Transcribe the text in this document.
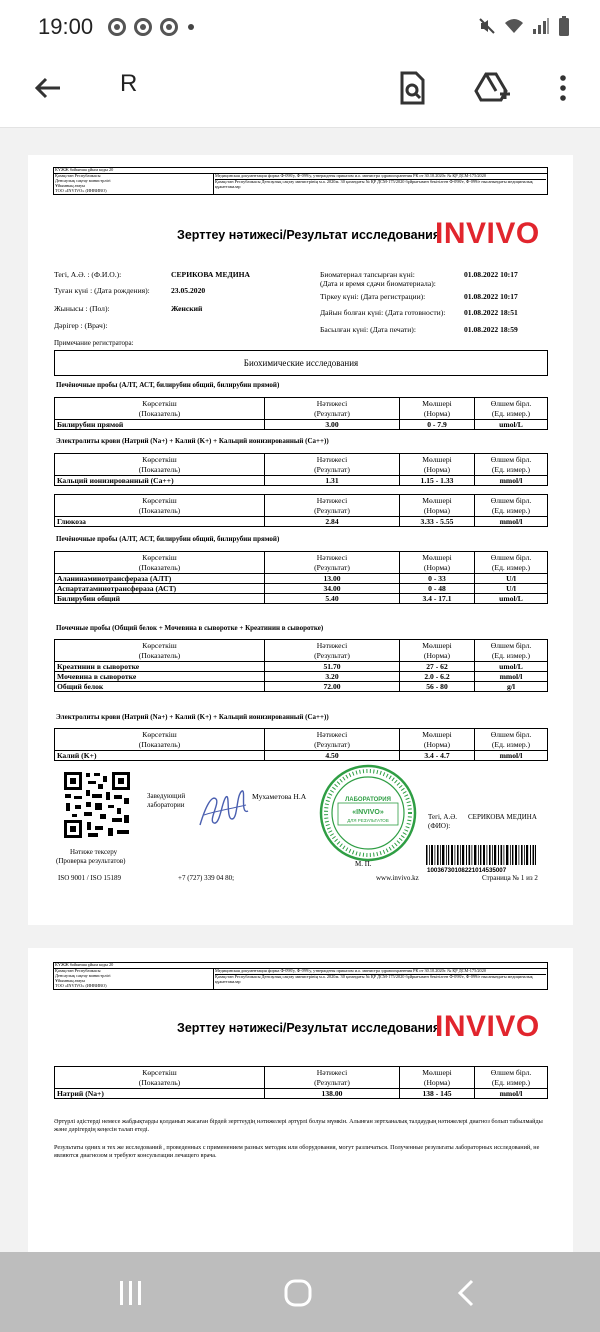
19:00
R
КҮЖЖ бойынша ұйым коды 20

Қазақстан Республикасы
Денсаулық сақтау министрлігі
Ұйымның атауы
ТОО «INVIVO» (ИНВИВО)

Медицинская документация форма Ф-098/у, Ф-099/у, утверждены приказом и.о. министра здравоохранения РК от 30.10.2020г. № ҚР ДСМ-175/2020
Қазақстан Республикасы Денсаулық сақтау министрінің м.а. 2020ж. 30 қазандағы № ҚР ДСМ-175/2020 бұйрығымен бекітілген Ф-098/е, Ф-099/е нысанындағы медициналық құжаттамалар
Зерттеу нәтижесі/Результат исследования
INVIVO
Тегі, А.Ә. : (Ф.И.О.):	СЕРИКОВА МЕДИНА
Туған күні : (Дата рождения):	23.05.2020
Жынысы : (Пол):	Женский
Дәрігер : (Врач):
Примечание регистратора:
Биоматериал тапсырған күні:
(Дата и время сдачи биоматериала):
01.08.2022 10:17
Тіркеу күні: (Дата регистрации):	01.08.2022 10:17
Дайын болған күні: (Дата готовности): 01.08.2022 18:51
Басылған күні: (Дата печати):	01.08.2022 18:59
Биохимические исследования
Печёночные пробы (АЛТ, АСТ, билирубин общий, билирубин прямой)
Көрсеткіш
(Показатель)	Нәтижесі
(Результат)	Мөлшері
(Норма)	Өлшем бірл.
(Ед. измер.)
Билирубин прямой	3.00	0 - 7.9	umol/L
Электролиты крови (Натрий (Na+) + Калий (K+) + Кальций ионизированный (Са++))
Көрсеткіш
(Показатель)	Нәтижесі
(Результат)	Мөлшері
(Норма)	Өлшем бірл.
(Ед. измер.)
Кальций ионизированный (Са++)	1.31	1.15 - 1.33	mmol/l
Көрсеткіш
(Показатель)	Нәтижесі
(Результат)	Мөлшері
(Норма)	Өлшем бірл.
(Ед. измер.)
Глюкоза	2.84	3.33 - 5.55	mmol/l
Печёночные пробы (АЛТ, АСТ, билирубин общий, билирубин прямой)
Көрсеткіш
(Показатель)	Нәтижесі
(Результат)	Мөлшері
(Норма)	Өлшем бірл.
(Ед. измер.)
Аланинаминотрансфераза (АЛТ)	13.00	0 - 33	U/l
Аспартатаминотрансфераза (АСТ)	34.00	0 - 48	U/l
Билирубин общий	5.40	3.4 - 17.1	umol/L
Почечные пробы (Общий белок + Мочевина в сыворотке + Креатинин в сыворотке)
Көрсеткіш
(Показатель)	Нәтижесі
(Результат)	Мөлшері
(Норма)	Өлшем бірл.
(Ед. измер.)
Креатинин в сыворотке	51.70	27 - 62	umol/L
Мочевина в сыворотке	3.20	2.0 - 6.2	mmol/l
Общий белок	72.00	56 - 80	g/l
Электролиты крови (Натрий (Na+) + Калий (K+) + Кальций ионизированный (Са++))
Көрсеткіш
(Показатель)	Нәтижесі
(Результат)	Мөлшері
(Норма)	Өлшем бірл.
(Ед. измер.)
Калий (K+)	4.50	3.4 - 4.7	mmol/l
Нәтиже тексеру
(Проверка результатов)
Заведующий
лаборатории
Мухаметова Н.А	ЛАБОРАТОРИЯ
«INVIVO»
ДЛЯ РЕЗУЛЬТАТОВ
М. П.
Тегі, А.Ә.
(ФИО):
СЕРИКОВА МЕДИНА
10036730108221014535007
ISO 9001 / ISO 15189	+7 (727) 339 04 80;	www.invivo.kz	Страница № 1 из 2
КҮЖЖ бойынша ұйым коды 20

Қазақстан Республикасы
Денсаулық сақтау министрлігі
Ұйымның атауы
ТОО «INVIVO» (ИНВИВО)

Медицинская документация форма Ф-098/у, Ф-099/у, утверждены приказом и.о. министра здравоохранения РК от 30.10.2020г. № ҚР ДСМ-175/2020
Қазақстан Республикасы Денсаулық сақтау министрінің м.а. 2020ж. 30 қазандағы № ҚР ДСМ-175/2020 бұйрығымен бекітілген Ф-098/е, Ф-099/е нысанындағы медициналық құжаттамалар
Зерттеу нәтижесі/Результат исследования
INVIVO
Көрсеткіш
(Показатель)	Нәтижесі
(Результат)	Мөлшері
(Норма)	Өлшем бірл.
(Ед. измер.)
Натрий (Na+)	138.00	138 - 145	mmol/l
Әртүрлі әдістерді немесе жабдықтарды қолданып жасаған бірдей зерттеудің нәтижелері әртүрлі болуы мүмкін. Алынған зертханалық талдаудың нәтижелері диагноз болып табылмайды және дәрігердің кеңесін талап етеді.
Результаты одних и тех же исследований , проведенных с применением разных методик или оборудования, могут различаться. Полученные результаты лабораторных исследований, не являются диагнозом и требуют консультации лечащего врача.
